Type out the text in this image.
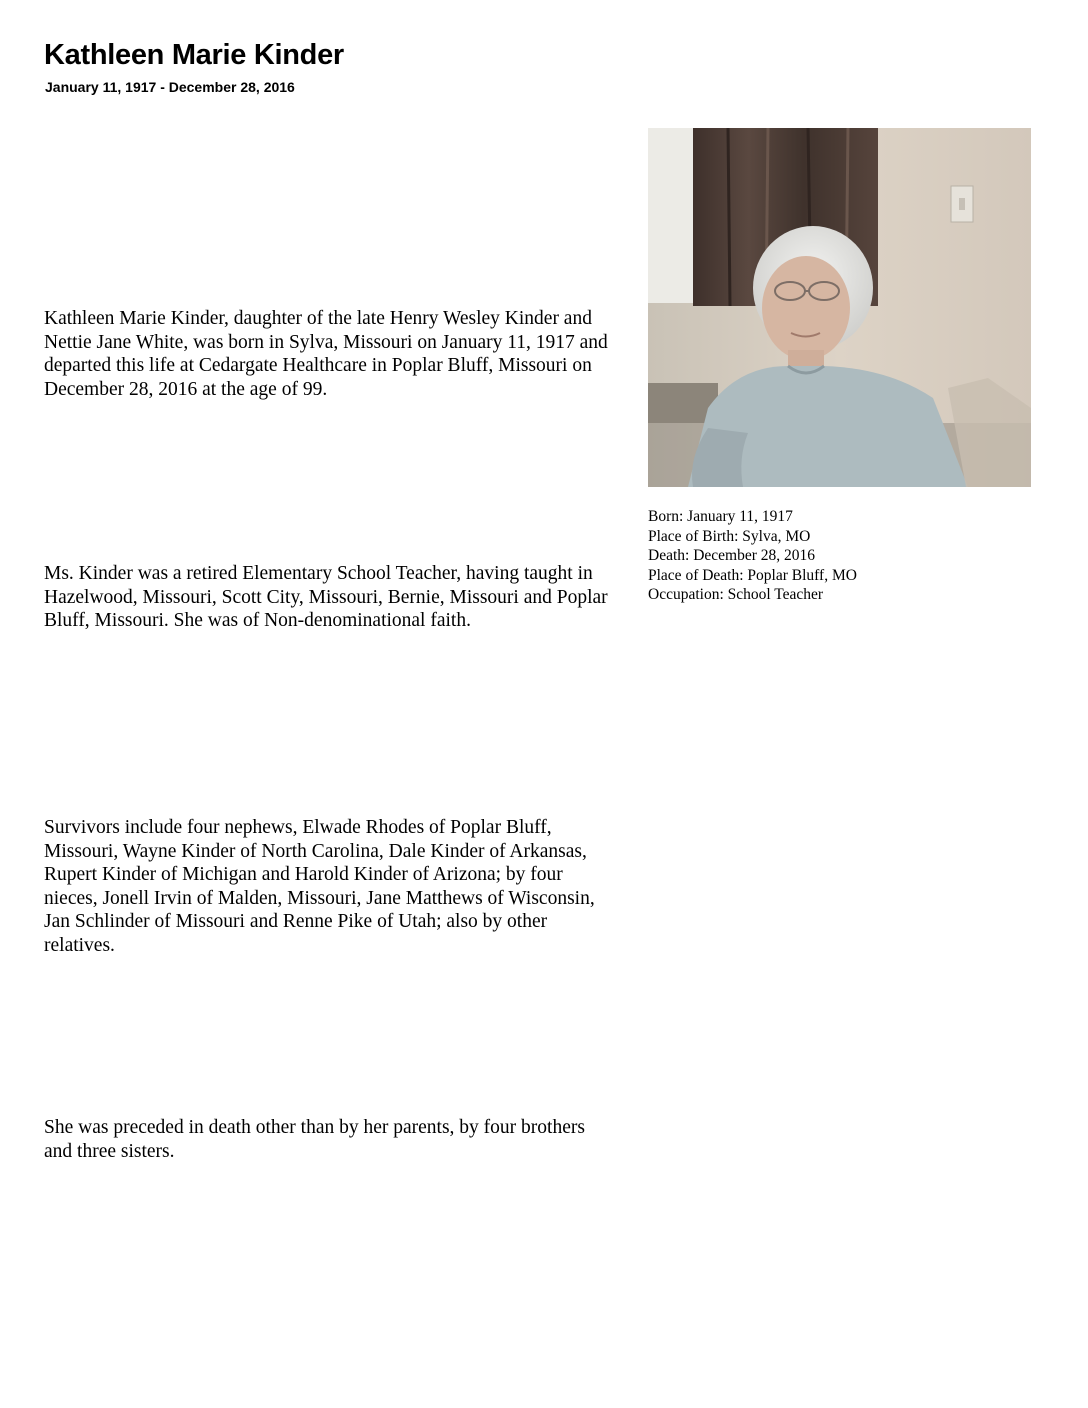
Kathleen Marie Kinder
January 11, 1917 - December 28, 2016

Kathleen Marie Kinder, daughter of the late Henry Wesley Kinder and Nettie Jane White, was born in Sylva, Missouri on January 11, 1917 and departed this life at Cedargate Healthcare in Poplar Bluff, Missouri on December 28, 2016 at the age of 99.

Ms. Kinder was a retired Elementary School Teacher, having taught in Hazelwood, Missouri, Scott City, Missouri, Bernie, Missouri and Poplar Bluff, Missouri. She was of Non-denominational faith.

Survivors include four nephews, Elwade Rhodes of Poplar Bluff, Missouri, Wayne Kinder of North Carolina, Dale Kinder of Arkansas, Rupert Kinder of Michigan and Harold Kinder of Arizona; by four nieces, Jonell Irvin of Malden, Missouri, Jane Matthews of Wisconsin, Jan Schlinder of Missouri and Renne Pike of Utah; also by other relatives.

She was preceded in death other than by her parents, by four brothers and three sisters.

Born: January 11, 1917
Place of Birth: Sylva, MO
Death: December 28, 2016
Place of Death: Poplar Bluff, MO
Occupation: School Teacher
